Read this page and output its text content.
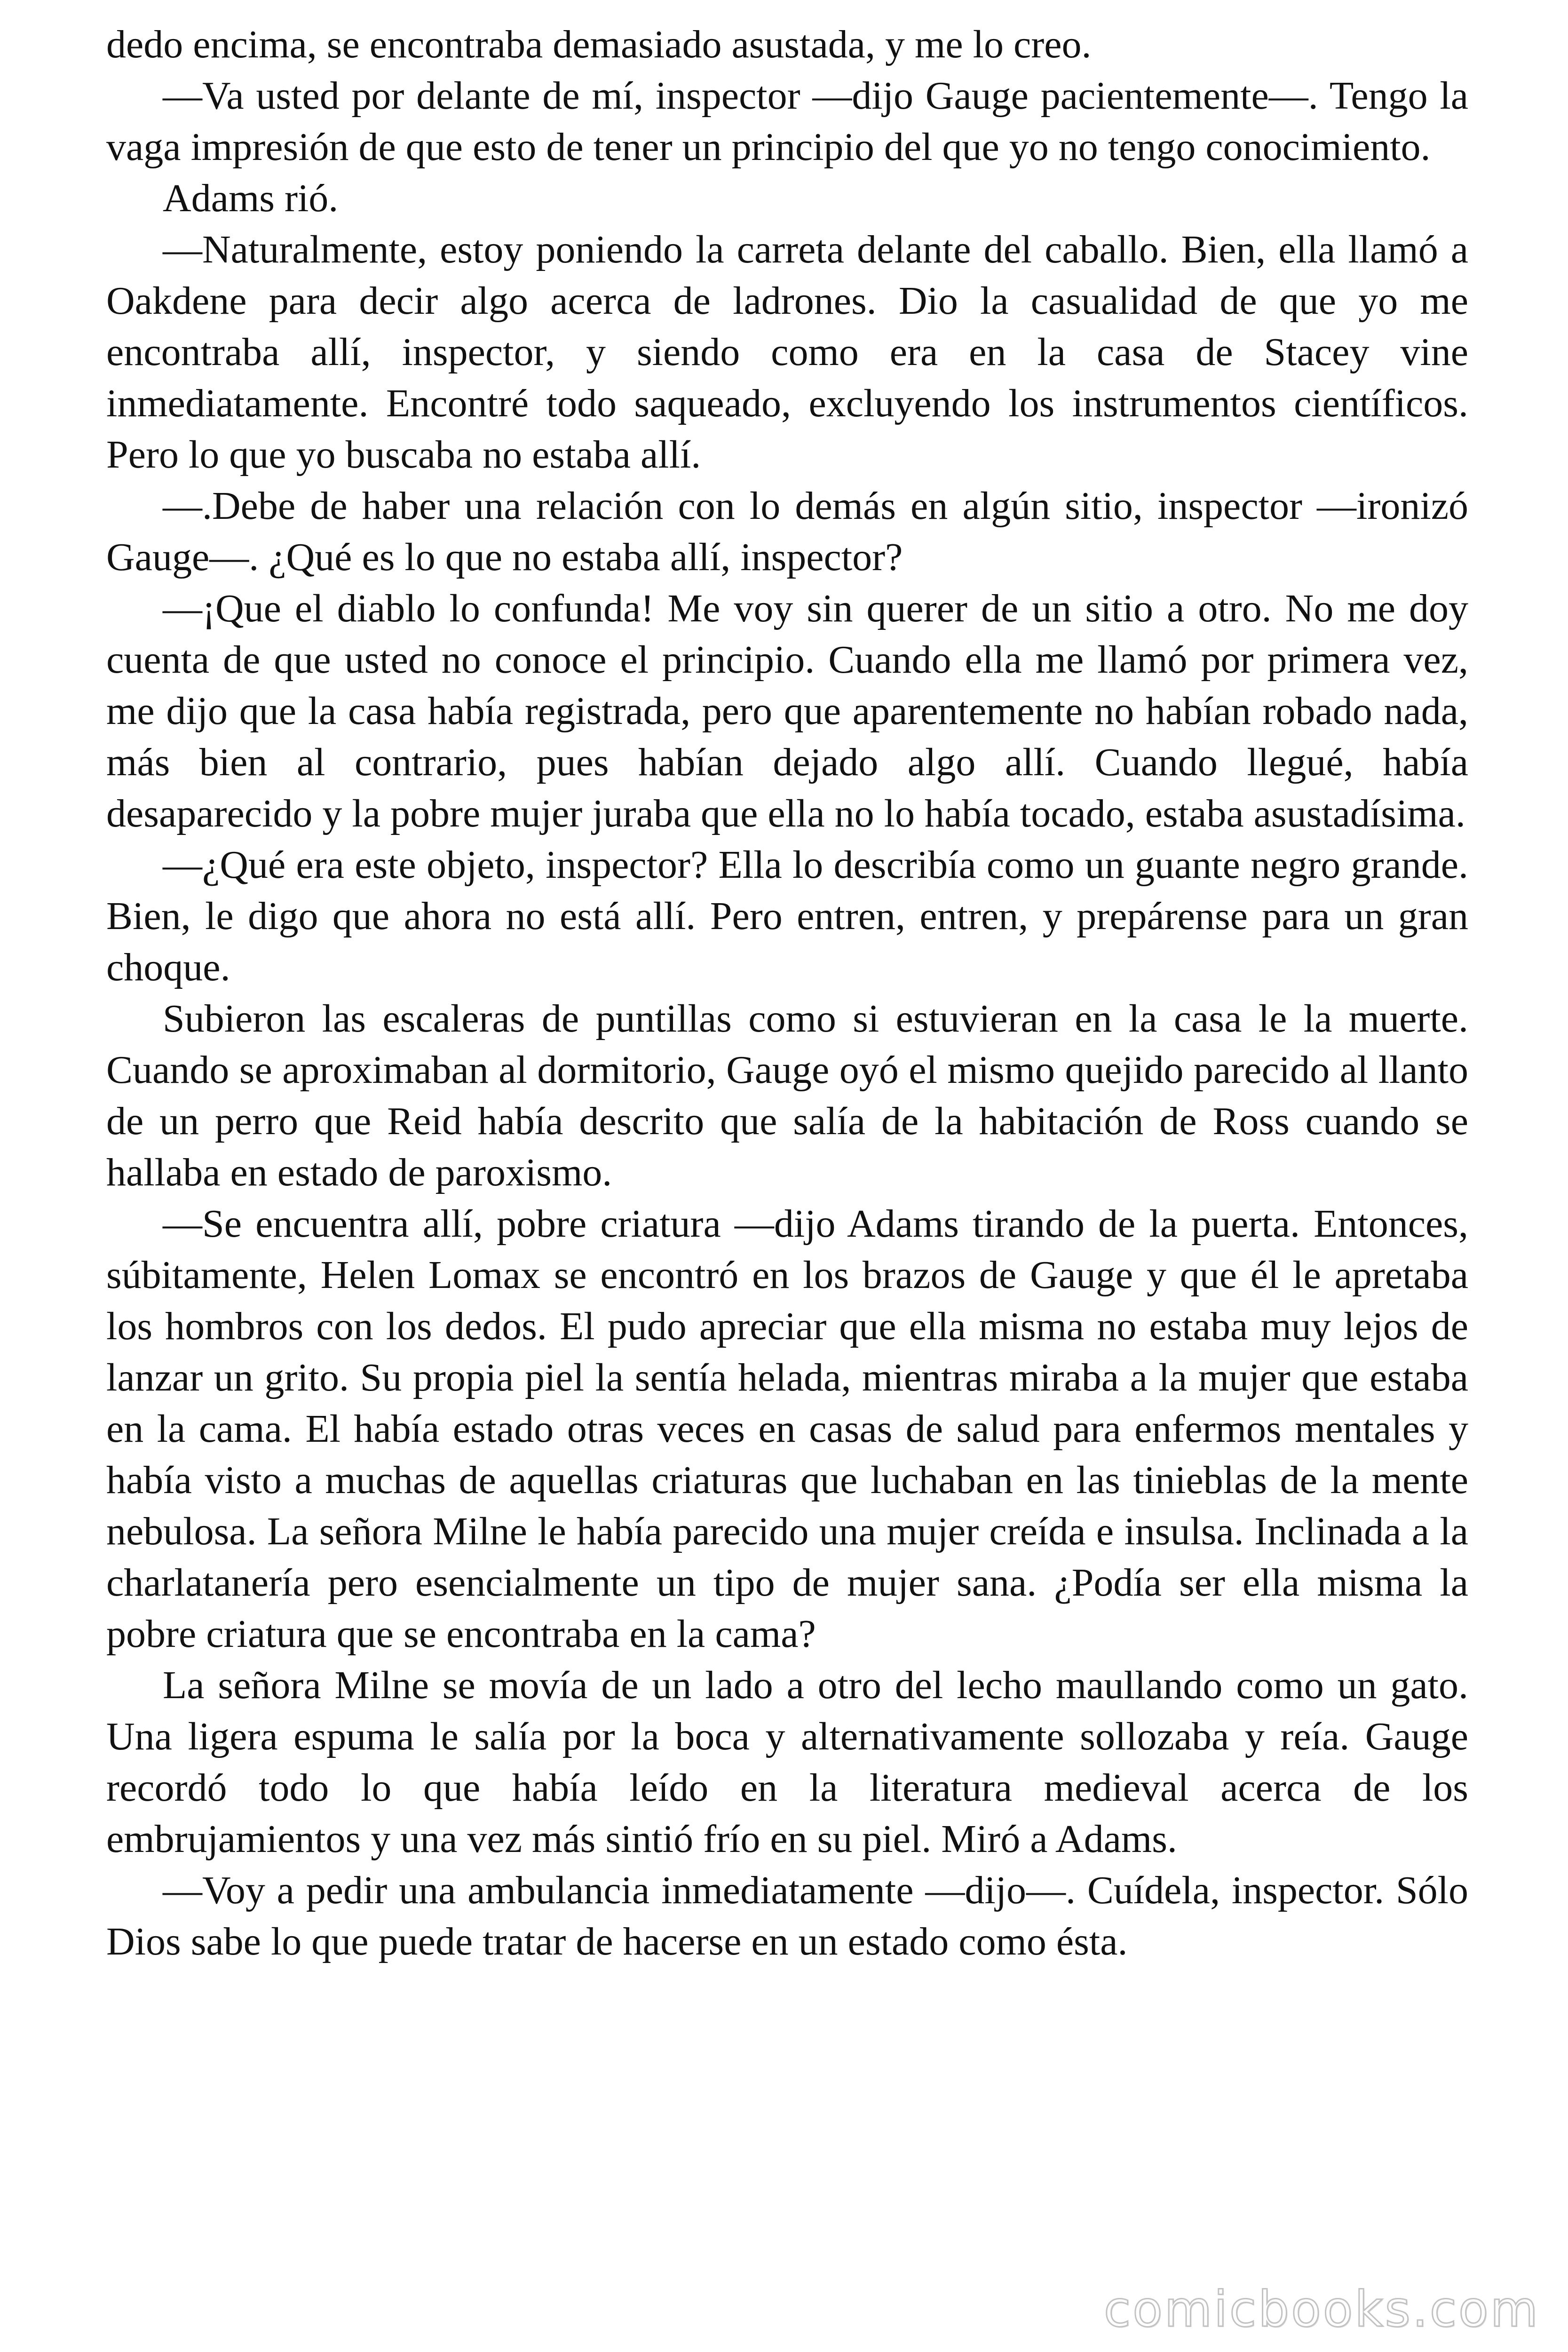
dedo encima, se encontraba demasiado asustada, y me lo creo.

—Va usted por delante de mí, inspector —dijo Gauge pacientemente—. Tengo la vaga impresión de que esto de tener un principio del que yo no tengo conocimiento.

Adams rió.

—Naturalmente, estoy poniendo la carreta delante del caballo. Bien, ella llamó a Oakdene para decir algo acerca de ladrones. Dio la casualidad de que yo me encontraba allí, inspector, y siendo como era en la casa de Stacey vine inmediatamente. Encontré todo saqueado, excluyendo los instrumentos científicos. Pero lo que yo buscaba no estaba allí.

—.Debe de haber una relación con lo demás en algún sitio, inspector —ironizó Gauge—. ¿Qué es lo que no estaba allí, inspector?

—¡Que el diablo lo confunda! Me voy sin querer de un sitio a otro. No me doy cuenta de que usted no conoce el principio. Cuando ella me llamó por primera vez, me dijo que la casa había registrada, pero que aparentemente no habían robado nada, más bien al contrario, pues habían dejado algo allí. Cuando llegué, había desaparecido y la pobre mujer juraba que ella no lo había tocado, estaba asustadísima.

—¿Qué era este objeto, inspector? Ella lo describía como un guante negro grande. Bien, le digo que ahora no está allí. Pero entren, entren, y prepárense para un gran choque.

Subieron las escaleras de puntillas como si estuvieran en la casa le la muerte. Cuando se aproximaban al dormitorio, Gauge oyó el mismo quejido parecido al llanto de un perro que Reid había descrito que salía de la habitación de Ross cuando se hallaba en estado de paroxismo.

—Se encuentra allí, pobre criatura —dijo Adams tirando de la puerta. Entonces, súbitamente, Helen Lomax se encontró en los brazos de Gauge y que él le apretaba los hombros con los dedos. El pudo apreciar que ella misma no estaba muy lejos de lanzar un grito. Su propia piel la sentía helada, mientras miraba a la mujer que estaba en la cama. El había estado otras veces en casas de salud para enfermos mentales y había visto a muchas de aquellas criaturas que luchaban en las tinieblas de la mente nebulosa. La señora Milne le había parecido una mujer creída e insulsa. Inclinada a la charlatanería pero esencialmente un tipo de mujer sana. ¿Podía ser ella misma la pobre criatura que se encontraba en la cama?

La señora Milne se movía de un lado a otro del lecho maullando como un gato. Una ligera espuma le salía por la boca y alternativamente sollozaba y reía. Gauge recordó todo lo que había leído en la literatura medieval acerca de los embrujamientos y una vez más sintió frío en su piel. Miró a Adams.

—Voy a pedir una ambulancia inmediatamente —dijo—. Cuídela, inspector. Sólo Dios sabe lo que puede tratar de hacerse en un estado como ésta.

comicbooks.com
